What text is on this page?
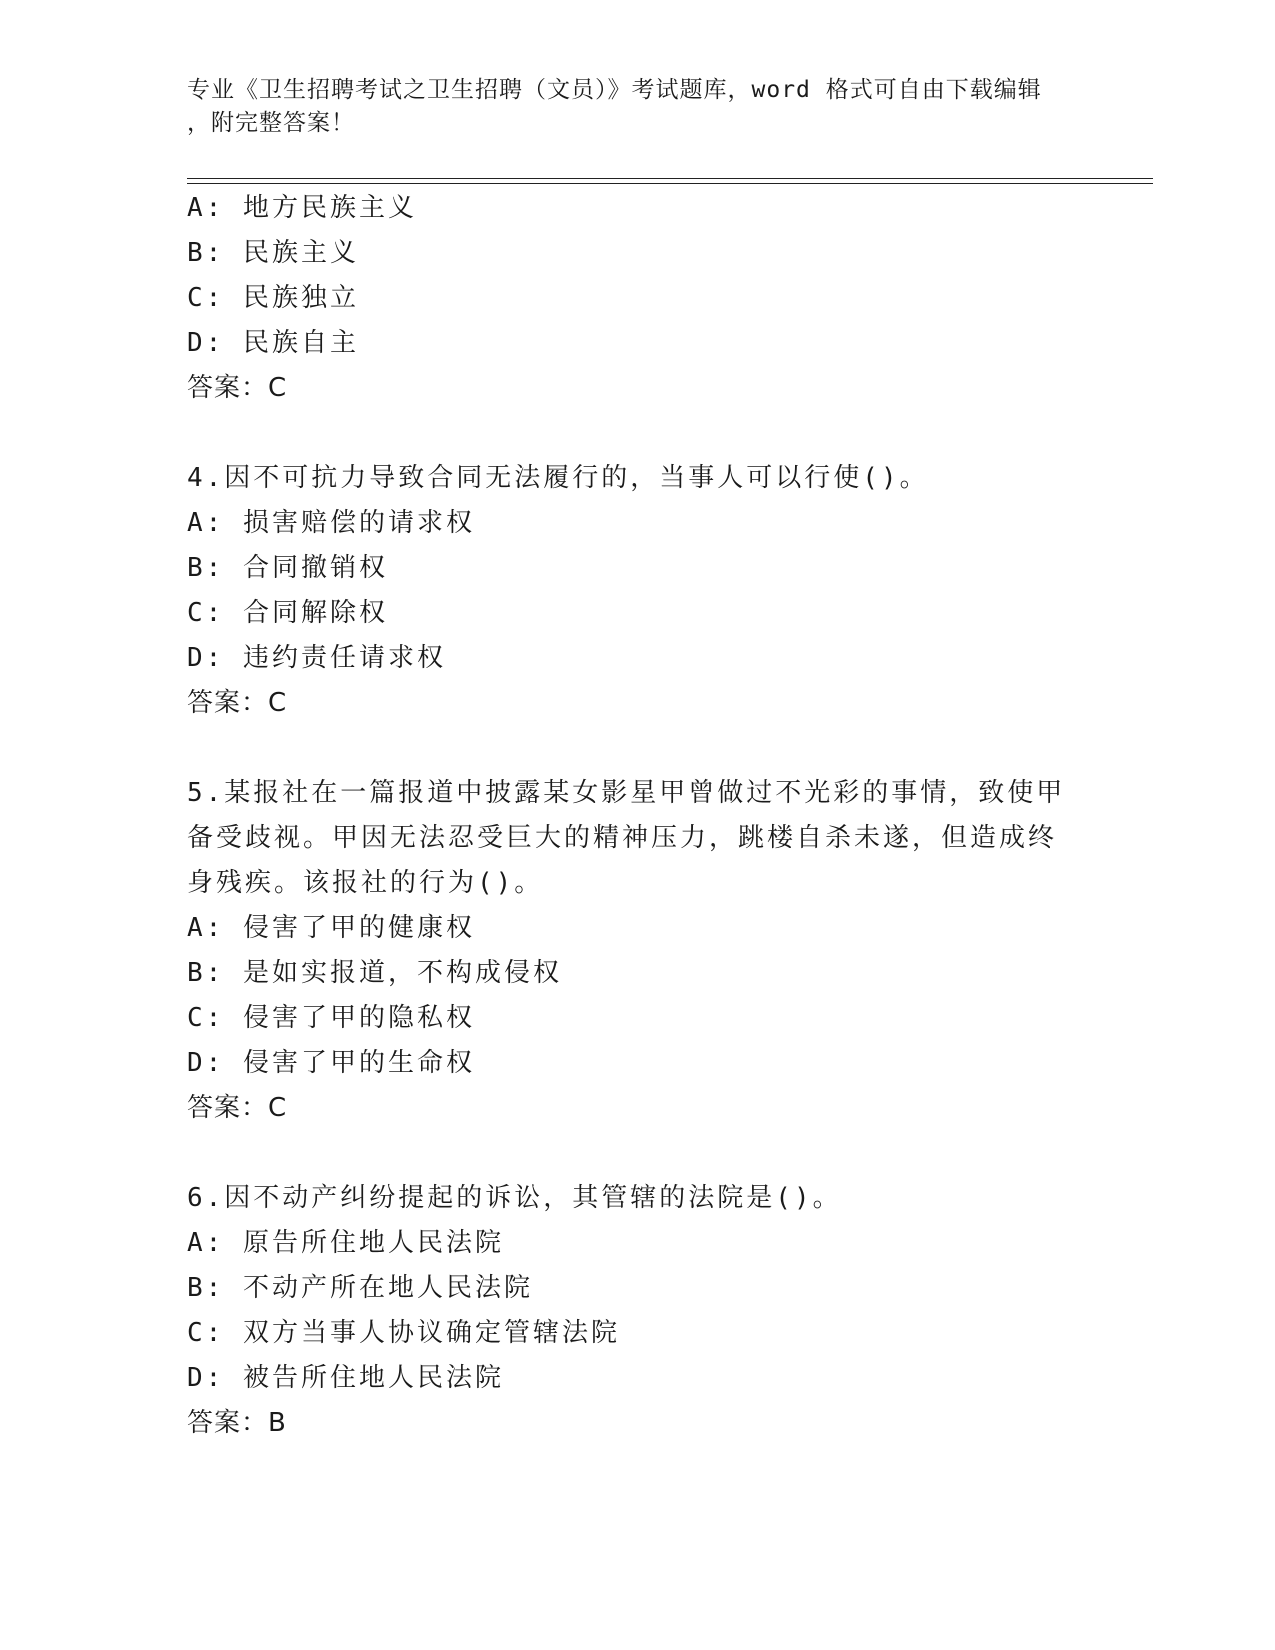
专业《卫生招聘考试之卫生招聘（文员）》考试题库，word 格式可自由下载编辑
，附完整答案！
A: 地方民族主义
B: 民族主义
C: 民族独立
D: 民族自主
答案：C
4.因不可抗力导致合同无法履行的，当事人可以行使()。
A: 损害赔偿的请求权
B: 合同撤销权
C: 合同解除权
D: 违约责任请求权
答案：C
5.某报社在一篇报道中披露某女影星甲曾做过不光彩的事情，致使甲
备受歧视。甲因无法忍受巨大的精神压力，跳楼自杀未遂，但造成终
身残疾。该报社的行为()。
A: 侵害了甲的健康权
B: 是如实报道，不构成侵权
C: 侵害了甲的隐私权
D: 侵害了甲的生命权
答案：C
6.因不动产纠纷提起的诉讼，其管辖的法院是()。
A: 原告所住地人民法院
B: 不动产所在地人民法院
C: 双方当事人协议确定管辖法院
D: 被告所住地人民法院
答案：B
